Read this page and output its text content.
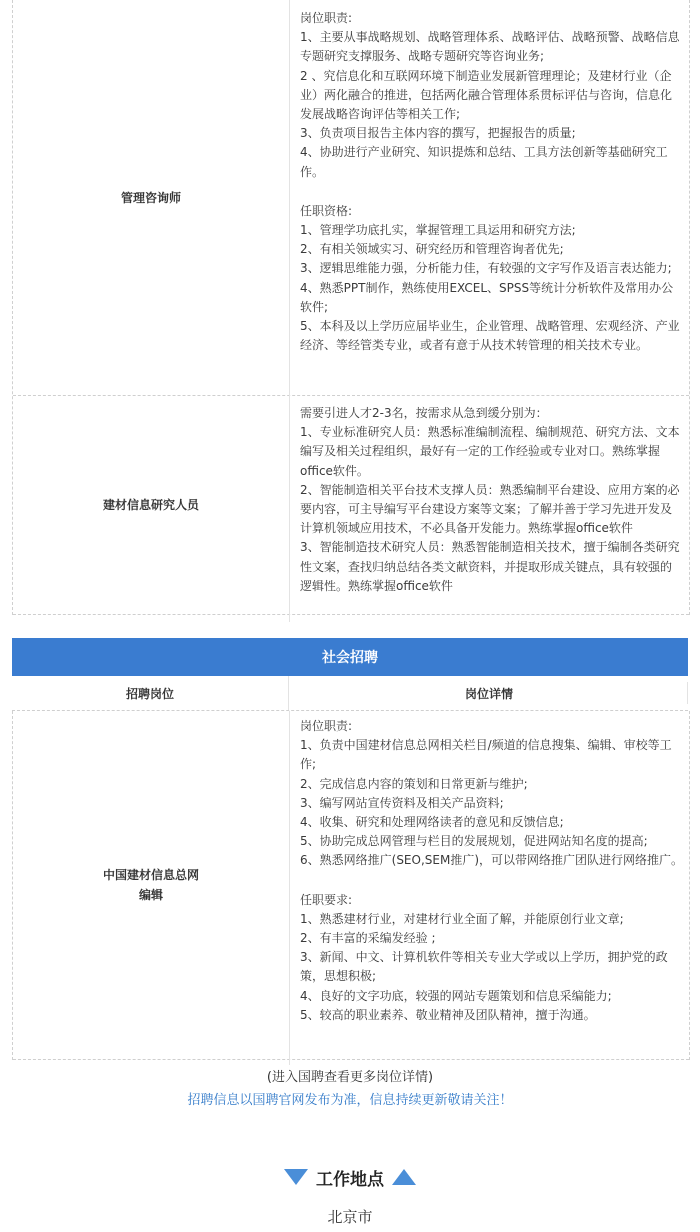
管理咨询师

岗位职责:

1、主要从事战略规划、战略管理体系、战略评估、战略预警、战略信息专题研究支撑服务、战略专题研究等咨询业务;

2 、究信息化和互联网环境下制造业发展新管理理论；及建材行业（企业）两化融合的推进，包括两化融合管理体系贯标评估与咨询，信息化发展战略咨询评估等相关工作;

3、负责项目报告主体内容的撰写，把握报告的质量;

4、协助进行产业研究、知识提炼和总结、工具方法创新等基础研究工作。

任职资格:

1、管理学功底扎实，掌握管理工具运用和研究方法;

2、有相关领域实习、研究经历和管理咨询者优先;

3、逻辑思维能力强，分析能力佳，有较强的文字写作及语言表达能力;

4、熟悉PPT制作，熟练使用EXCEL、SPSS等统计分析软件及常用办公软件;

5、本科及以上学历应届毕业生，企业管理、战略管理、宏观经济、产业经济、等经管类专业，或者有意于从技术转管理的相关技术专业。

建材信息研究人员

需要引进人才2-3名，按需求从急到缓分别为：

1、专业标准研究人员：熟悉标准编制流程、编制规范、研究方法、文本编写及相关过程组织，最好有一定的工作经验或专业对口。熟练掌握office软件。

2、智能制造相关平台技术支撑人员：熟悉编制平台建设、应用方案的必要内容，可主导编写平台建设方案等文案；了解并善于学习先进开发及计算机领域应用技术，不必具备开发能力。熟练掌握office软件

3、智能制造技术研究人员：熟悉智能制造相关技术，擅于编制各类研究性文案，查找归纳总结各类文献资料，并提取形成关键点，具有较强的逻辑性。熟练掌握office软件

社会招聘
招聘岗位	岗位详情
中国建材信息总网
编辑

岗位职责:

1、负责中国建材信息总网相关栏目/频道的信息搜集、编辑、审校等工作;

2、完成信息内容的策划和日常更新与维护;

3、编写网站宣传资料及相关产品资料;

4、收集、研究和处理网络读者的意见和反馈信息;

5、协助完成总网管理与栏目的发展规划，促进网站知名度的提高;

6、熟悉网络推广(SEO,SEM推广)，可以带网络推广团队进行网络推广。

任职要求:

1、熟悉建材行业，对建材行业全面了解，并能原创行业文章;

2、有丰富的采编发经验 ;

3、新闻、中文、计算机软件等相关专业大学或以上学历，拥护党的政策，思想积极;

4、良好的文字功底，较强的网站专题策划和信息采编能力;

5、较高的职业素养、敬业精神及团队精神，擅于沟通。

(进入国聘查看更多岗位详情)
招聘信息以国聘官网发布为准，信息持续更新敬请关注！
工作地点
北京市
